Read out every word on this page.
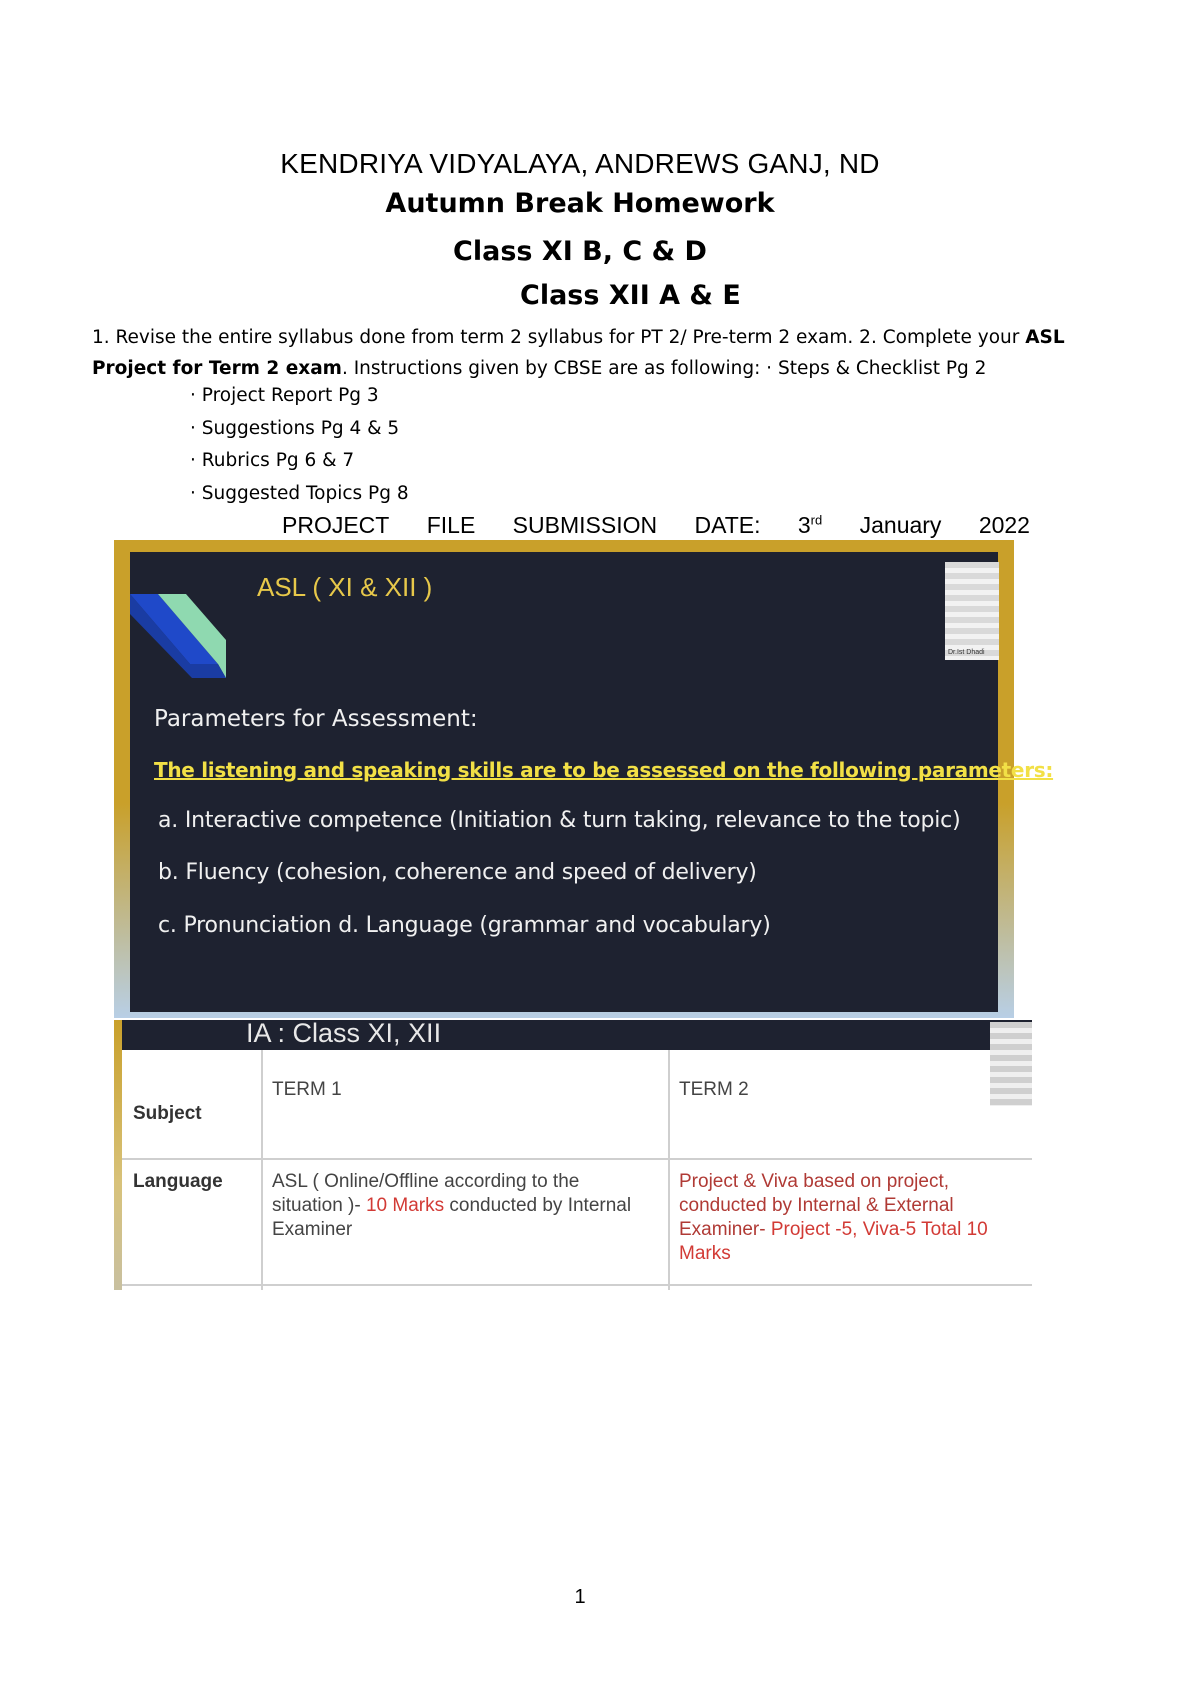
KENDRIYA VIDYALAYA, ANDREWS GANJ, ND
Autumn Break Homework
Class XI B, C & D
Class XII A & E
1. Revise the entire syllabus done from term 2 syllabus for PT 2/ Pre-term 2 exam. 2. Complete your ASL Project for Term 2 exam. Instructions given by CBSE are as following: · Steps & Checklist Pg 2
· Project Report Pg 3
· Suggestions Pg 4 & 5
· Rubrics Pg 6 & 7
· Suggested Topics Pg 8
PROJECT FILE SUBMISSION DATE: 3rd January 2022
ASL ( XI & XII )
Dr.Ist Dhadi
Parameters for Assessment:
The listening and speaking skills are to be assessed on the following parameters:
a. Interactive competence (Initiation & turn taking, relevance to the topic)
b. Fluency (cohesion, coherence and speed of delivery)
c. Pronunciation d. Language (grammar and vocabulary)
IA : Class XI, XII
Subject
TERM 1	TERM 2
Language	ASL ( Online/Offline according to the situation )- 10 Marks conducted by Internal Examiner
Project & Viva based on project, conducted by Internal & External Examiner- Project -5, Viva-5 Total 10 Marks
1
